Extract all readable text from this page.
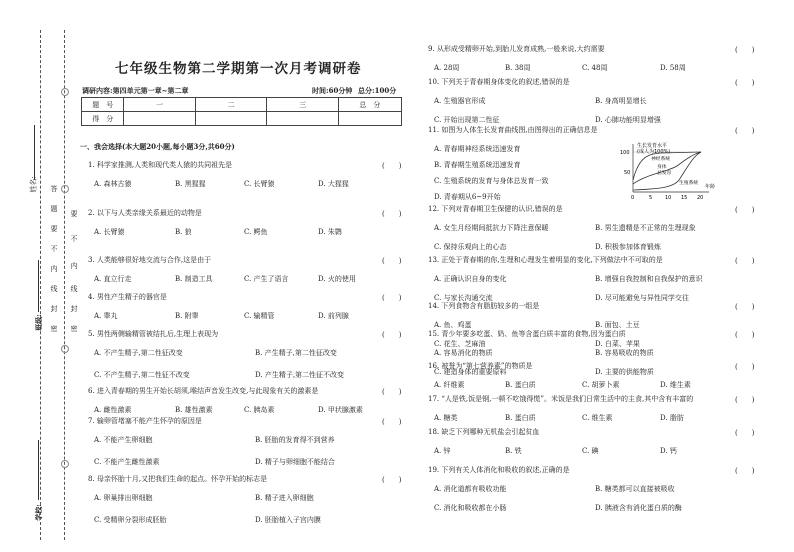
姓名:
班级:
学校:
答
题
要
不
内
线
封
密
要
不
内
线
封
密
七年级生物第二学期第一次月考调研卷
调研内容:第四单元第一章~第二章	时间:60分钟 总分:100分
题　号	一	二	三	总　分
得　分				
一、我会选择(本大题20小题,每小题3分,共60分)
1. 科学家推测,人类和现代类人猿的共同祖先是	(　　)
A. 森林古猿	B. 黑猩猩	C. 长臂猿	D. 大猩猩
2. 以下与人类亲缘关系最近的动物是	(　　)
A. 长臂猿	B. 狼	C. 鳄鱼	D. 朱鹮
3. 人类能够很好地交流与合作,这是由于	(　　)
A. 直立行走	B. 制造工具	C. 产生了语言	D. 火的使用
4. 男性产生精子的器官是	(　　)
A. 睾丸	B. 附睾	C. 输精管	D. 前列腺
5. 男性两侧输精管被结扎后,生理上表现为	(　　)
A. 不产生精子,第二性征改变	B. 产生精子,第二性征改变
C. 不产生精子,第二性征不改变	D. 产生精子,第二性征不改变
6. 进入青春期的男生开始长胡须,喉结声音发生改变,与此现象有关的激素是	(　　)
A. 雌性激素	B. 雄性激素	C. 胰岛素	D. 甲状腺激素
7. 输卵管堵塞不能产生怀孕的原因是	(　　)
A. 不能产生卵细胞	B. 胚胎的发育得不到营养
C. 不能产生雌性激素	D. 精子与卵细胞不能结合
8. 母亲怀胎十月,又把我们生命的起点。怀孕开始的标志是	(　　)
A. 卵巢排出卵细胞	B. 精子进入卵细胞
C. 受精卵分裂形成胚胎	D. 胚胎植入子宫内膜
9. 从形成受精卵开始,到胎儿发育成熟,一般来说,大约需要	(　　)
A. 28周	B. 38周	C. 48周	D. 58周
10. 下列关于青春期身体变化的叙述,错误的是	(　　)
A. 生殖器官形成	B. 身高明显增长
C. 开始出现第二性征	D. 心肺功能明显增强
11. 如图为人体生长发育曲线图,由图得出的正确信息是	(　　)
A. 青春期神经系统迅速发育
B. 青春期生殖系统迅速发育
C. 生殖系统的发育与身体总发育一致
D. 青春期从6~9开始
12. 下列对青春期卫生保健的认识,错误的是	(　　)
A. 女生月经期间抵抗力下降注意保暖	B. 男生遗精是不正常的生理现象
C. 保持乐观向上的心态	D. 积极参加体育锻炼
13. 正处于青春期的你,生理和心理发生着明显的变化,下列做法中不可取的是	(　　)
A. 正确认识自身的变化	B. 增强自我控制和自我保护的意识
C. 与家长沟通交流	D. 尽可能避免与异性同学交往
14. 下列食物含有脂肪较多的一组是	(　　)
A. 鱼、鸡蛋	B. 面包、土豆
C. 花生、芝麻油	D. 白菜、苹果
15. 青少年要多吃蛋、奶、鱼等含蛋白质丰富的食物,因为蛋白质	(　　)
A. 容易消化的物质	B. 容易吸收的物质
C. 建造身体的重要原料	D. 主要的供能物质
16. 被誉为“第七营养素”的物质是	(　　)
A. 纤维素	B. 蛋白质	C. 胡萝卜素	D. 维生素
17. “人是铁,饭是钢,一顿不吃饿得慌”。米饭是我们日常生活中的主食,其中含有丰富的	(　　)
A. 糖类	B. 蛋白质	C. 维生素	D. 脂肪
18. 缺乏下列哪种无机盐会引起贫血	(　　)
A. 锌	B. 铁	C. 碘	D. 钙
19. 下列有关人体消化和吸收的叙述,正确的是	(　　)
A. 消化道都有吸收功能	B. 糖类都可以直接被吸收
C. 消化和吸收都在小肠	D. 胰液含有消化蛋白质的酶
生长发育水平
(成人为100%)
100
50
0	5	10 15 20
年龄
神经系统
身体
总发育
生殖系统
